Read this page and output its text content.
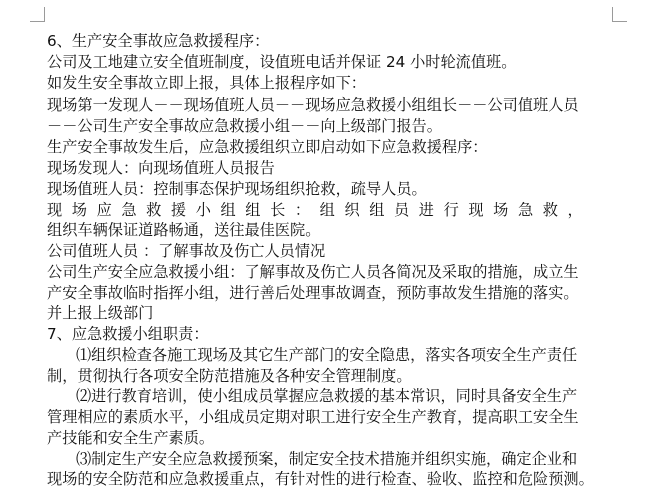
6、生产安全事故应急救援程序：
公司及工地建立安全值班制度，设值班电话并保证 24 小时轮流值班。
如发生安全事故立即上报，具体上报程序如下：
现场第一发现人－－现场值班人员－－现场应急救援小组组长－－公司值班人员
－－公司生产安全事故应急救援小组－－向上级部门报告。
生产安全事故发生后，应急救援组织立即启动如下应急救援程序：
现场发现人：向现场值班人员报告
现场值班人员：控制事态保护现场组织抢救，疏导人员。
现场应急救援小组组长：组织组员进行现场急救，
组织车辆保证道路畅通，送往最佳医院。
公司值班人员 ：了解事故及伤亡人员情况
公司生产安全应急救援小组：了解事故及伤亡人员各简况及采取的措施，成立生
产安全事故临时指挥小组，进行善后处理事故调查，预防事故发生措施的落实。
并上报上级部门
7、应急救援小组职责：
⑴组织检查各施工现场及其它生产部门的安全隐患，落实各项安全生产责任
制，贯彻执行各项安全防范措施及各种安全管理制度。
⑵进行教育培训，使小组成员掌握应急救援的基本常识，同时具备安全生产
管理相应的素质水平，小组成员定期对职工进行安全生产教育，提高职工安全生
产技能和安全生产素质。
⑶制定生产安全应急救援预案，制定安全技术措施并组织实施，确定企业和
现场的安全防范和应急救援重点，有针对性的进行检查、验收、监控和危险预测。
